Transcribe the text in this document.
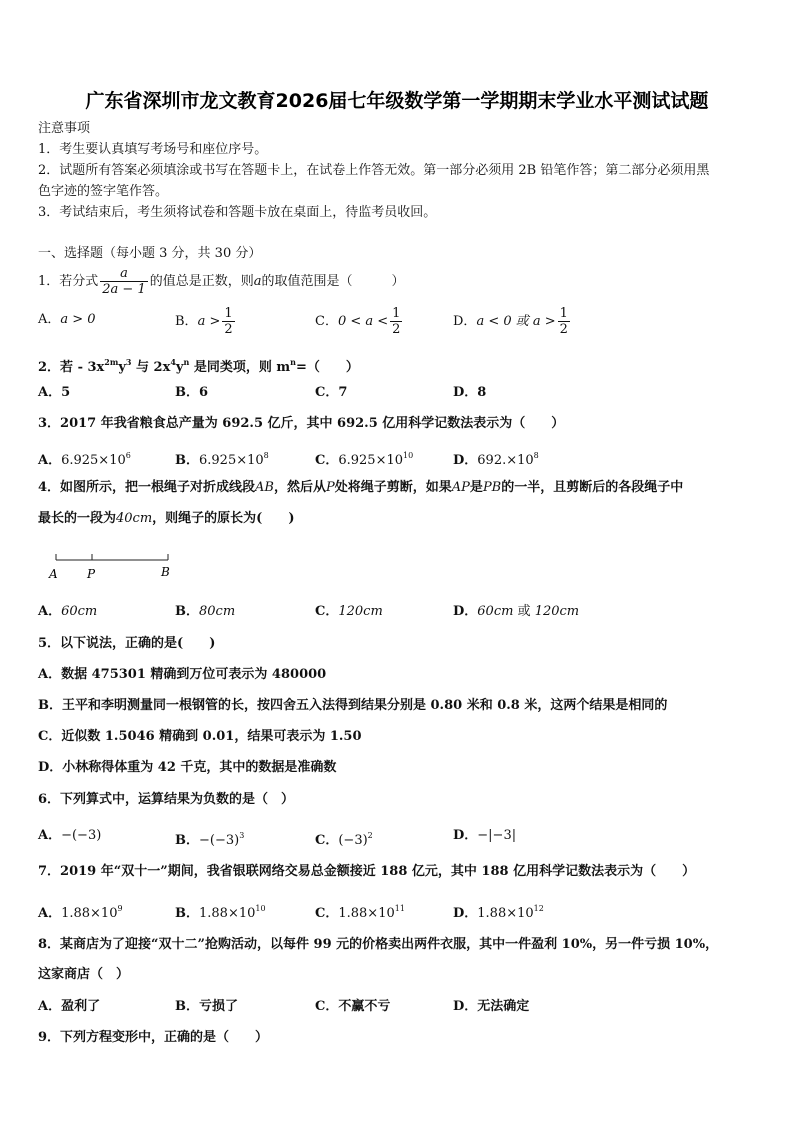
广东省深圳市龙文教育2026届七年级数学第一学期期末学业水平测试试题
注意事项
1．考生要认真填写考场号和座位序号。
2．试题所有答案必须填涂或书写在答题卡上，在试卷上作答无效。第一部分必须用 2B 铅笔作答；第二部分必须用黑
色字迹的签字笔作答。
3．考试结束后，考生须将试卷和答题卡放在桌面上，待监考员收回。
一、选择题（每小题 3 分，共 30 分）
1．若分式 $\frac{a}{2a - 1}$ 的值总是正数，则a的取值范围是（　　　）
A．a > 0	B．$a > \frac{1}{2}$	C．$0 < a < \frac{1}{2}$	D．a < 0 或 $a > \frac{1}{2}$
2．若 - $3x^{2m}y^3$ 与 $2x^4y^n$ 是同类项，则 $m^n=$（　　）
A．5	B．6	C．7	D．8
3．2017 年我省粮食总产量为 692.5 亿斤，其中 692.5 亿用科学记数法表示为（　　）
A．$6.925\times 10^6$	B．$6.925\times 10^8$	C．$6.925\times 10^{10}$	D．$692.\times 10^8$
4．如图所示，把一根绳子对折成线段AB，然后从P处将绳子剪断，如果AP是PB的一半，且剪断后的各段绳子中
最长的一段为40cm，则绳子的原长为(　　)
A P	B
A．60cm	B．80cm	C．120cm	D．60cm 或 120cm
5．以下说法，正确的是(　　)
A．数据 475301 精确到万位可表示为 480000
B．王平和李明测量同一根钢管的长，按四舍五入法得到结果分别是 0.80 米和 0.8 米，这两个结果是相同的
C．近似数 1.5046 精确到 0.01，结果可表示为 1.50
D．小林称得体重为 42 千克，其中的数据是准确数
6．下列算式中，运算结果为负数的是（　）
A．−(−3)	B．$-(-3)^3$	C．$(-3)^2$	D．−|−3|
7．2019 年“双十一”期间，我省银联网络交易总金额接近 188 亿元，其中 188 亿用科学记数法表示为（　　）
A．$1.88\times 10^9$	B．$1.88\times 10^{10}$	C．$1.88\times 10^{11}$	D．$1.88\times 10^{12}$
8．某商店为了迎接“双十二”抢购活动，以每件 99 元的价格卖出两件衣服，其中一件盈利 10%，另一件亏损 10%，
这家商店（　）
A．盈利了	B．亏损了	C．不赢不亏	D．无法确定
9．下列方程变形中，正确的是（　　）
